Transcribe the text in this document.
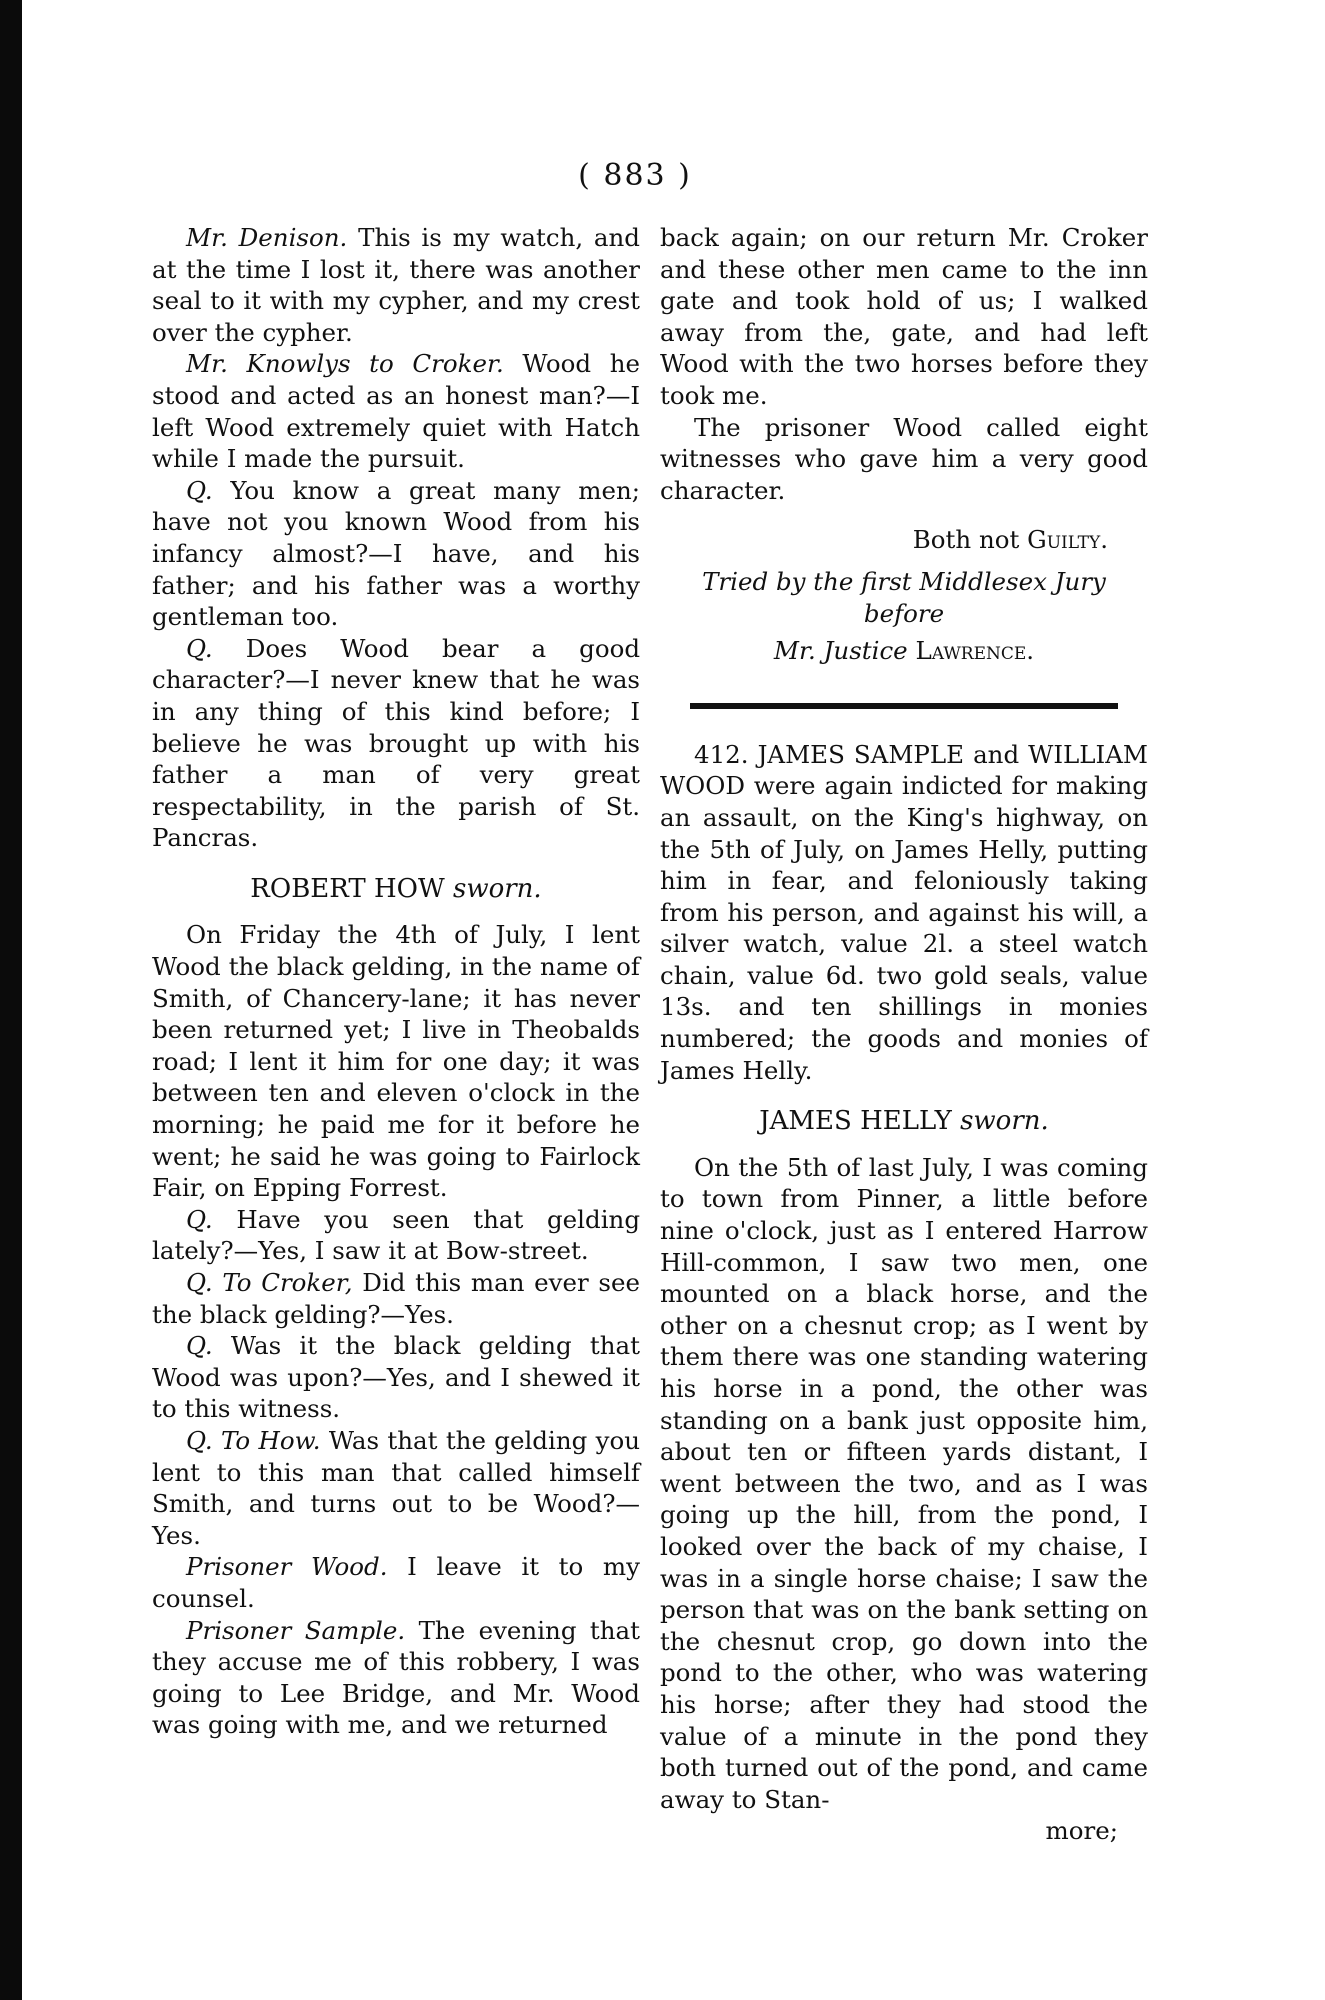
( 883 )

Mr. Denison. This is my watch, and at the time I lost it, there was another seal to it with my cypher, and my crest over the cypher.

Mr. Knowlys to Croker. Wood he stood and acted as an honest man?—I left Wood extremely quiet with Hatch while I made the pursuit.

Q. You know a great many men; have not you known Wood from his infancy almost?—I have, and his father; and his father was a worthy gentleman too.

Q. Does Wood bear a good character?—I never knew that he was in any thing of this kind before; I believe he was brought up with his father a man of very great respectability, in the parish of St. Pancras.

ROBERT HOW sworn.

On Friday the 4th of July, I lent Wood the black gelding, in the name of Smith, of Chancery-lane; it has never been returned yet; I live in Theobalds road; I lent it him for one day; it was between ten and eleven o'clock in the morning; he paid me for it before he went; he said he was going to Fairlock Fair, on Epping Forrest.

Q. Have you seen that gelding lately?—Yes, I saw it at Bow-street.

Q. To Croker, Did this man ever see the black gelding?—Yes.

Q. Was it the black gelding that Wood was upon?—Yes, and I shewed it to this witness.

Q. To How. Was that the gelding you lent to this man that called himself Smith, and turns out to be Wood?—Yes.

Prisoner Wood. I leave it to my counsel.

Prisoner Sample. The evening that they accuse me of this robbery, I was going to Lee Bridge, and Mr. Wood was going with me, and we returned

back again; on our return Mr. Croker and these other men came to the inn gate and took hold of us; I walked away from the, gate, and had left Wood with the two horses before they took me.

The prisoner Wood called eight witnesses who gave him a very good character.

Both not Guilty.

Tried by the first Middlesex Jury before

Mr. Justice Lawrence.

412. JAMES SAMPLE and WILLIAM WOOD were again indicted for making an assault, on the King's highway, on the 5th of July, on James Helly, putting him in fear, and feloniously taking from his person, and against his will, a silver watch, value 2l. a steel watch chain, value 6d. two gold seals, value 13s. and ten shillings in monies numbered; the goods and monies of James Helly.

JAMES HELLY sworn.

On the 5th of last July, I was coming to town from Pinner, a little before nine o'clock, just as I entered Harrow Hill-common, I saw two men, one mounted on a black horse, and the other on a chesnut crop; as I went by them there was one standing watering his horse in a pond, the other was standing on a bank just opposite him, about ten or fifteen yards distant, I went between the two, and as I was going up the hill, from the pond, I looked over the back of my chaise, I was in a single horse chaise; I saw the person that was on the bank setting on the chesnut crop, go down into the pond to the other, who was watering his horse; after they had stood the value of a minute in the pond they both turned out of the pond, and came away to Stan-

more;
